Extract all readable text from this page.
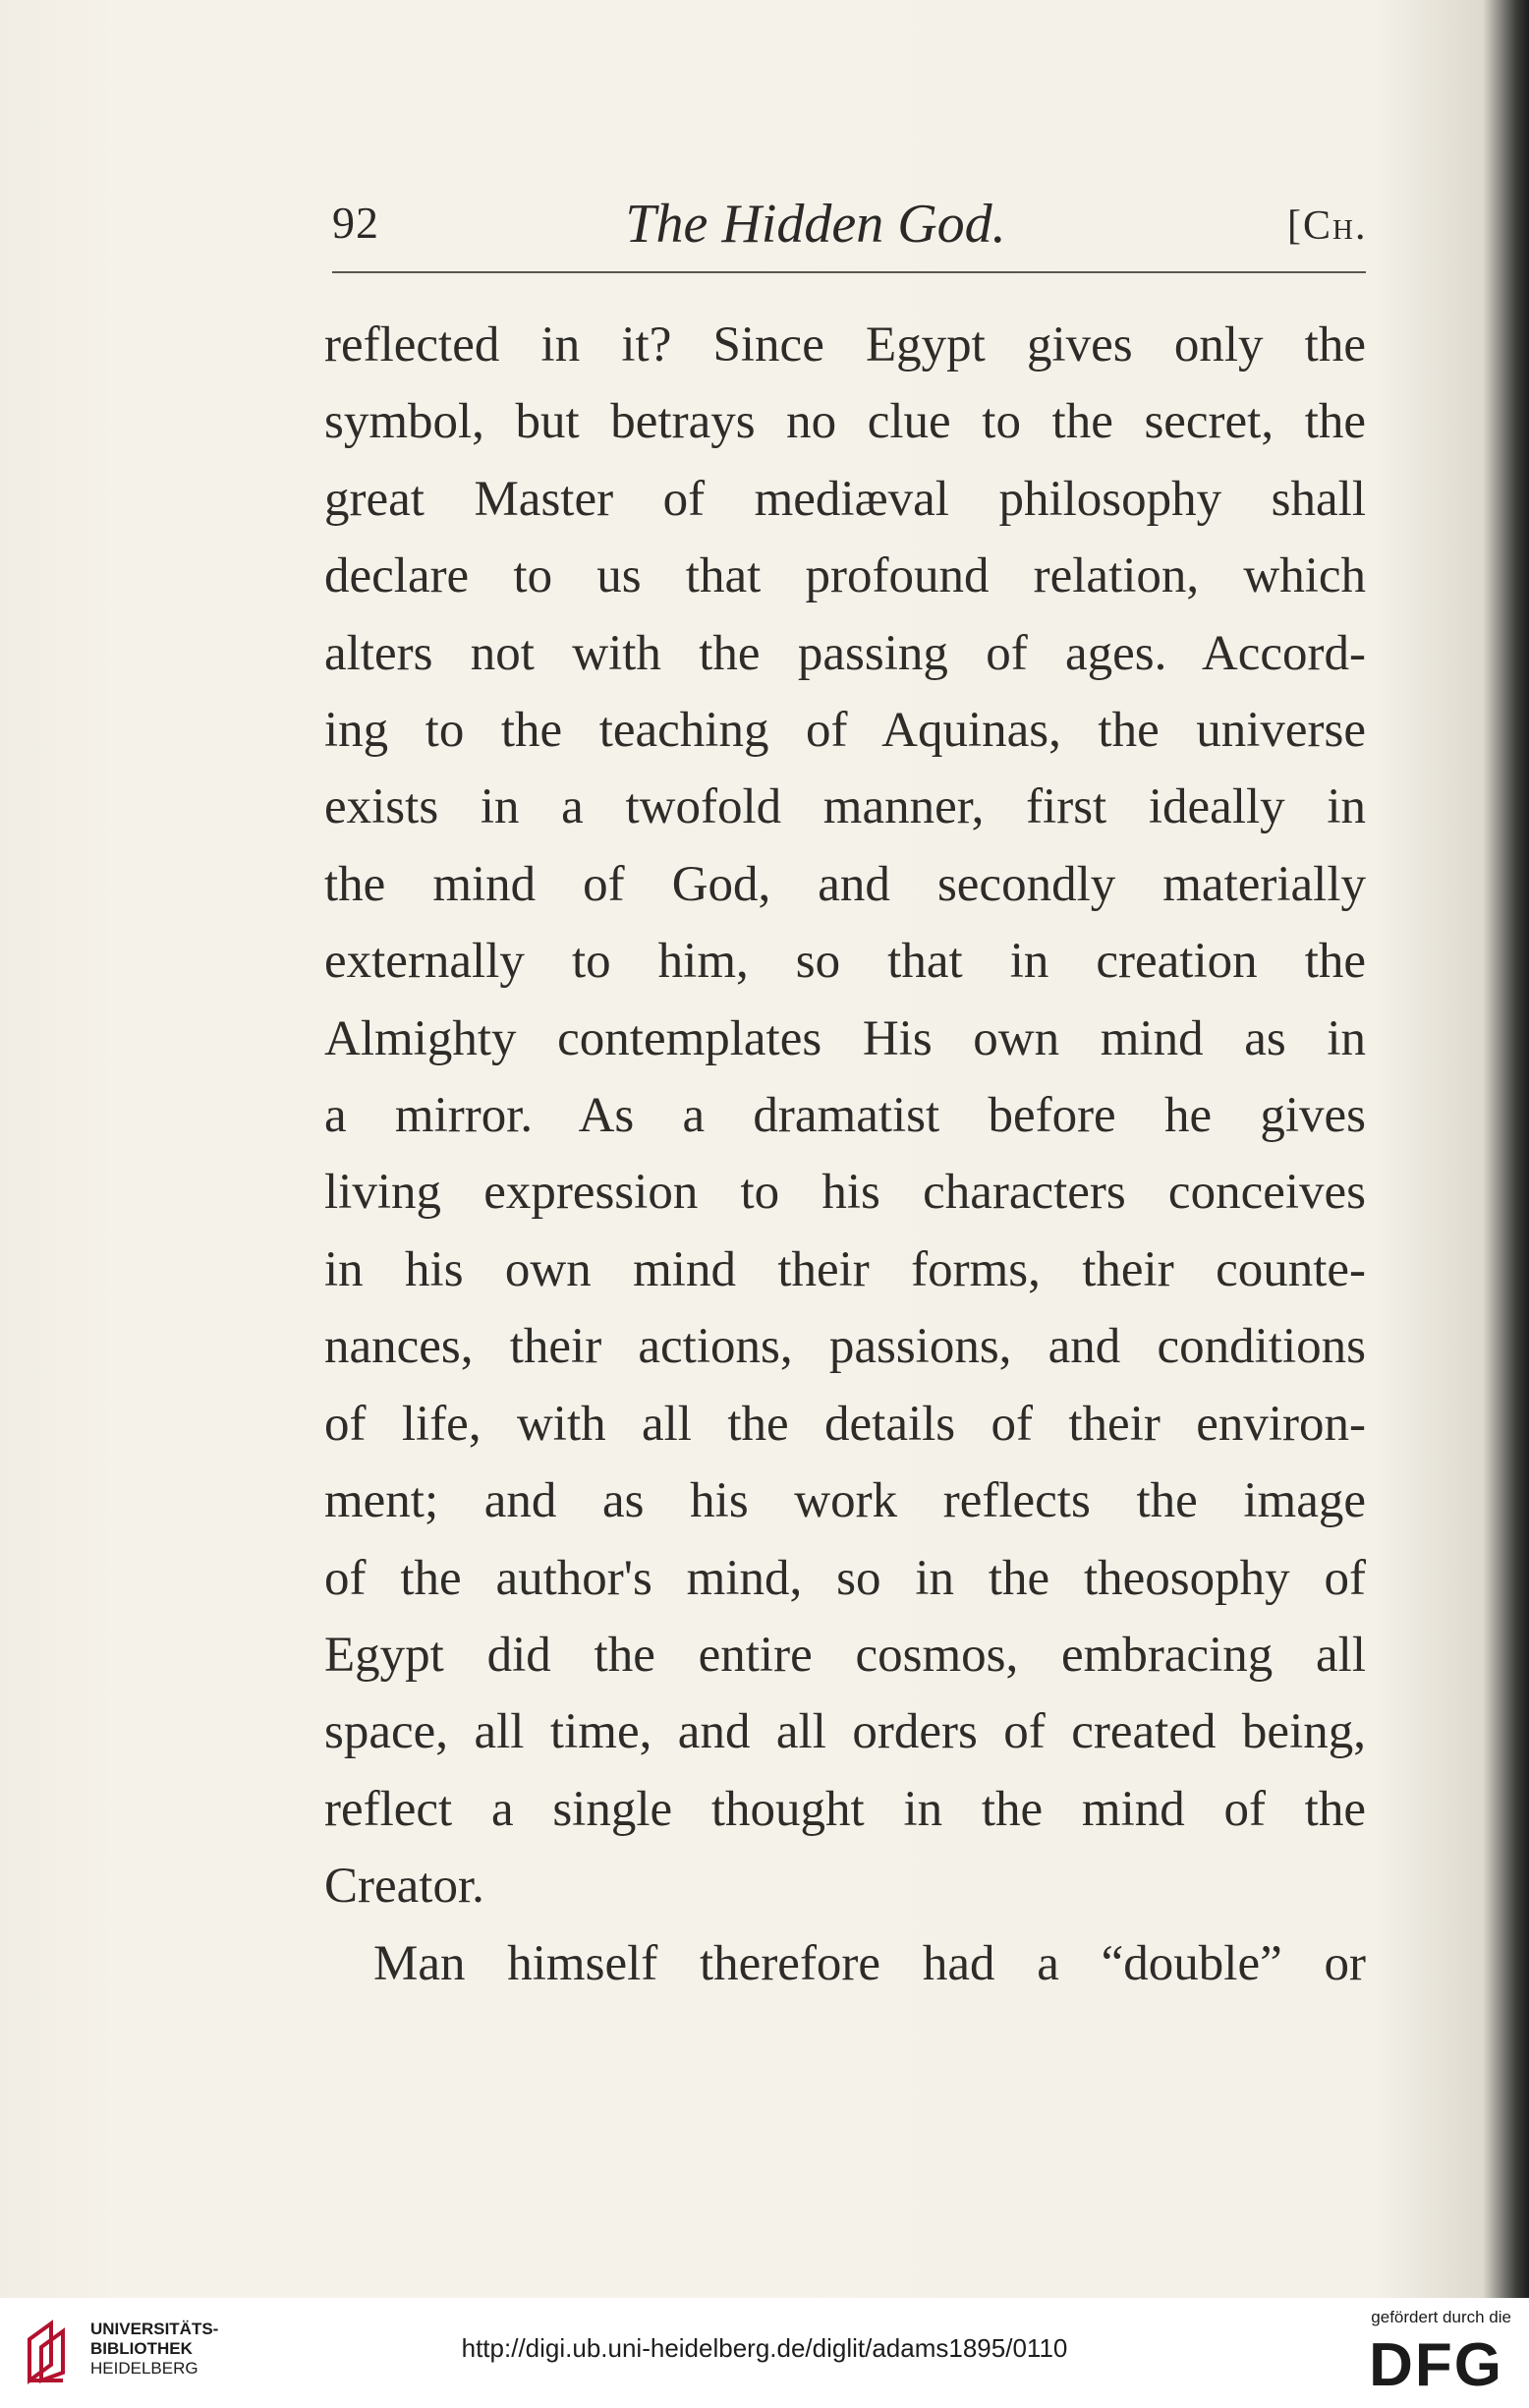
92	The Hidden God.	[Ch.
reflected in it? Since Egypt gives only the
symbol, but betrays no clue to the secret, the
great Master of mediæval philosophy shall
declare to us that profound relation, which
alters not with the passing of ages. Accord-
ing to the teaching of Aquinas, the universe
exists in a twofold manner, first ideally in
the mind of God, and secondly materially
externally to him, so that in creation the
Almighty contemplates His own mind as in
a mirror. As a dramatist before he gives
living expression to his characters conceives
in his own mind their forms, their counte-
nances, their actions, passions, and conditions
of life, with all the details of their environ-
ment; and as his work reflects the image
of the author's mind, so in the theosophy of
Egypt did the entire cosmos, embracing all
space, all time, and all orders of created being,
reflect a single thought in the mind of the
Creator.
Man himself therefore had a “double” or
UNIVERSITÄTS-
BIBLIOTHEK
HEIDELBERG
http://digi.ub.uni-heidelberg.de/diglit/adams1895/0110
gefördert durch die
DFG
